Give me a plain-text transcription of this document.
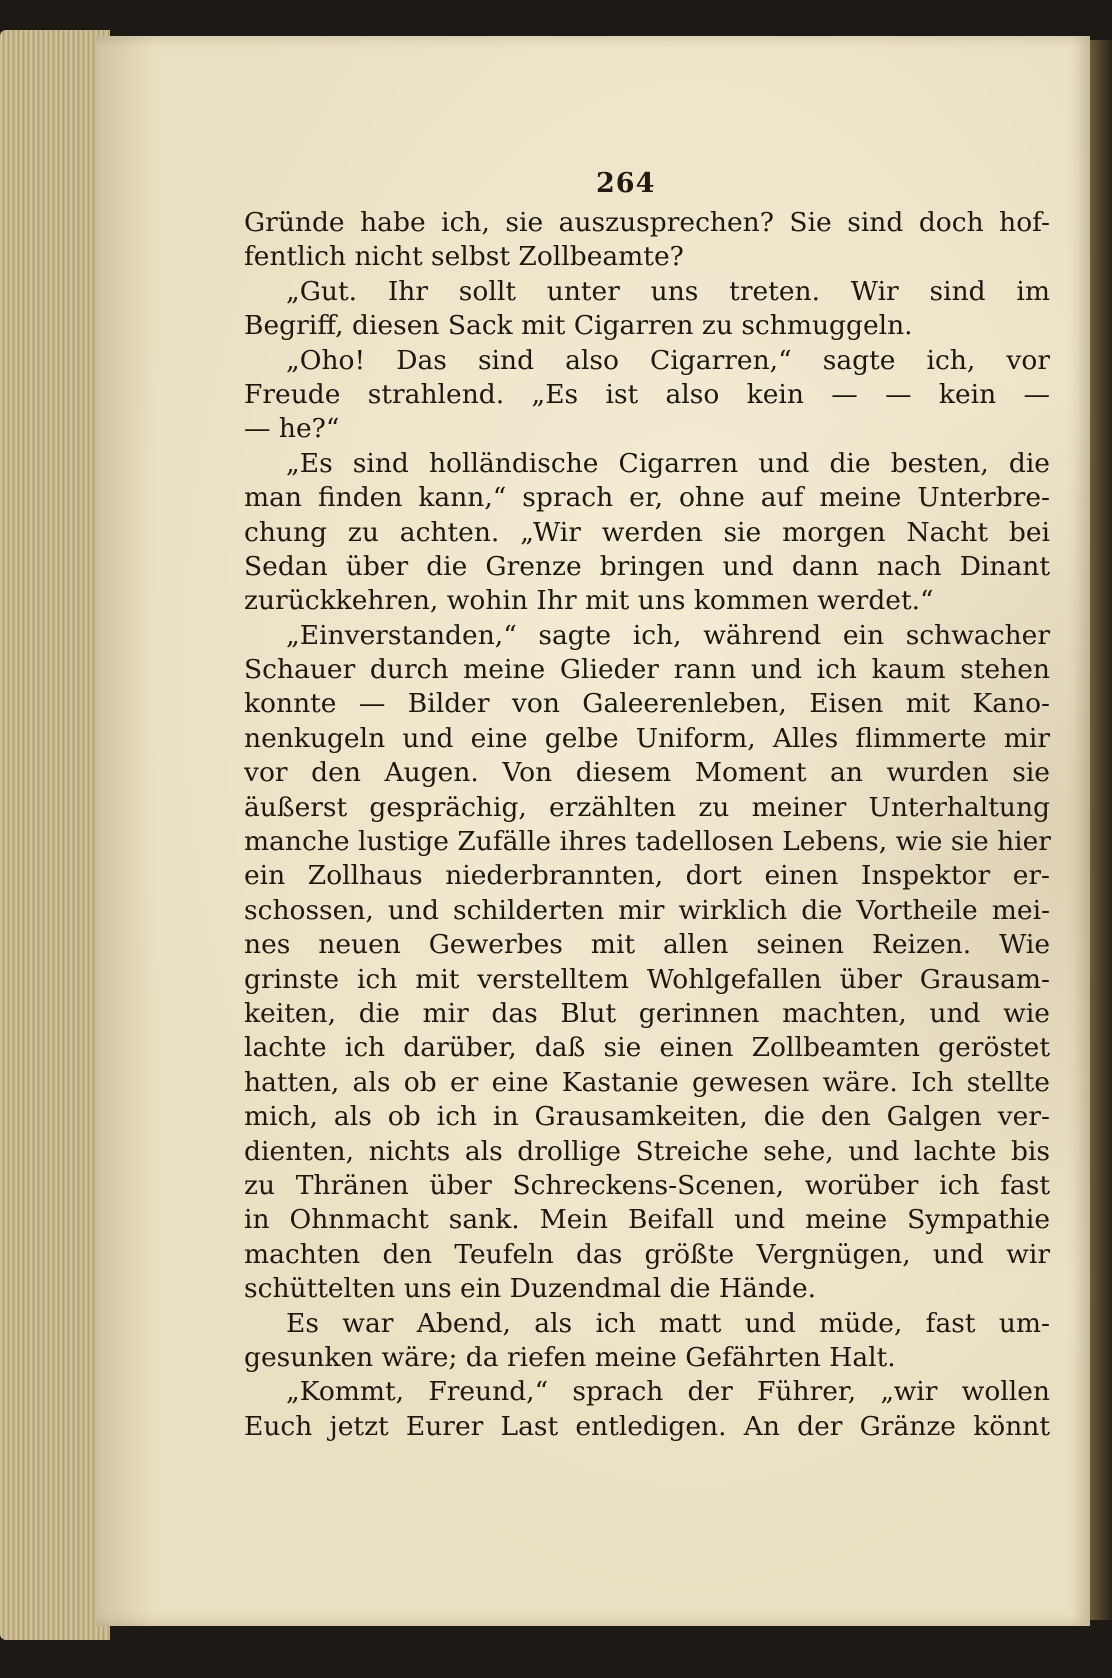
264
Gründe habe ich, sie auszusprechen? Sie sind doch hof-
fentlich nicht selbst Zollbeamte?
„Gut. Ihr sollt unter uns treten. Wir sind im
Begriff, diesen Sack mit Cigarren zu schmuggeln.
„Oho! Das sind also Cigarren,“ sagte ich, vor
Freude strahlend. „Es ist also kein — — kein —
— he?“
„Es sind holländische Cigarren und die besten, die
man finden kann,“ sprach er, ohne auf meine Unterbre-
chung zu achten. „Wir werden sie morgen Nacht bei
Sedan über die Grenze bringen und dann nach Dinant
zurückkehren, wohin Ihr mit uns kommen werdet.“
„Einverstanden,“ sagte ich, während ein schwacher
Schauer durch meine Glieder rann und ich kaum stehen
konnte — Bilder von Galeerenleben, Eisen mit Kano-
nenkugeln und eine gelbe Uniform, Alles flimmerte mir
vor den Augen. Von diesem Moment an wurden sie
äußerst gesprächig, erzählten zu meiner Unterhaltung
manche lustige Zufälle ihres tadellosen Lebens, wie sie hier
ein Zollhaus niederbrannten, dort einen Inspektor er-
schossen, und schilderten mir wirklich die Vortheile mei-
nes neuen Gewerbes mit allen seinen Reizen. Wie
grinste ich mit verstelltem Wohlgefallen über Grausam-
keiten, die mir das Blut gerinnen machten, und wie
lachte ich darüber, daß sie einen Zollbeamten geröstet
hatten, als ob er eine Kastanie gewesen wäre. Ich stellte
mich, als ob ich in Grausamkeiten, die den Galgen ver-
dienten, nichts als drollige Streiche sehe, und lachte bis
zu Thränen über Schreckens-Scenen, worüber ich fast
in Ohnmacht sank. Mein Beifall und meine Sympathie
machten den Teufeln das größte Vergnügen, und wir
schüttelten uns ein Duzendmal die Hände.
Es war Abend, als ich matt und müde, fast um-
gesunken wäre; da riefen meine Gefährten Halt.
„Kommt, Freund,“ sprach der Führer, „wir wollen
Euch jetzt Eurer Last entledigen. An der Gränze könnt
